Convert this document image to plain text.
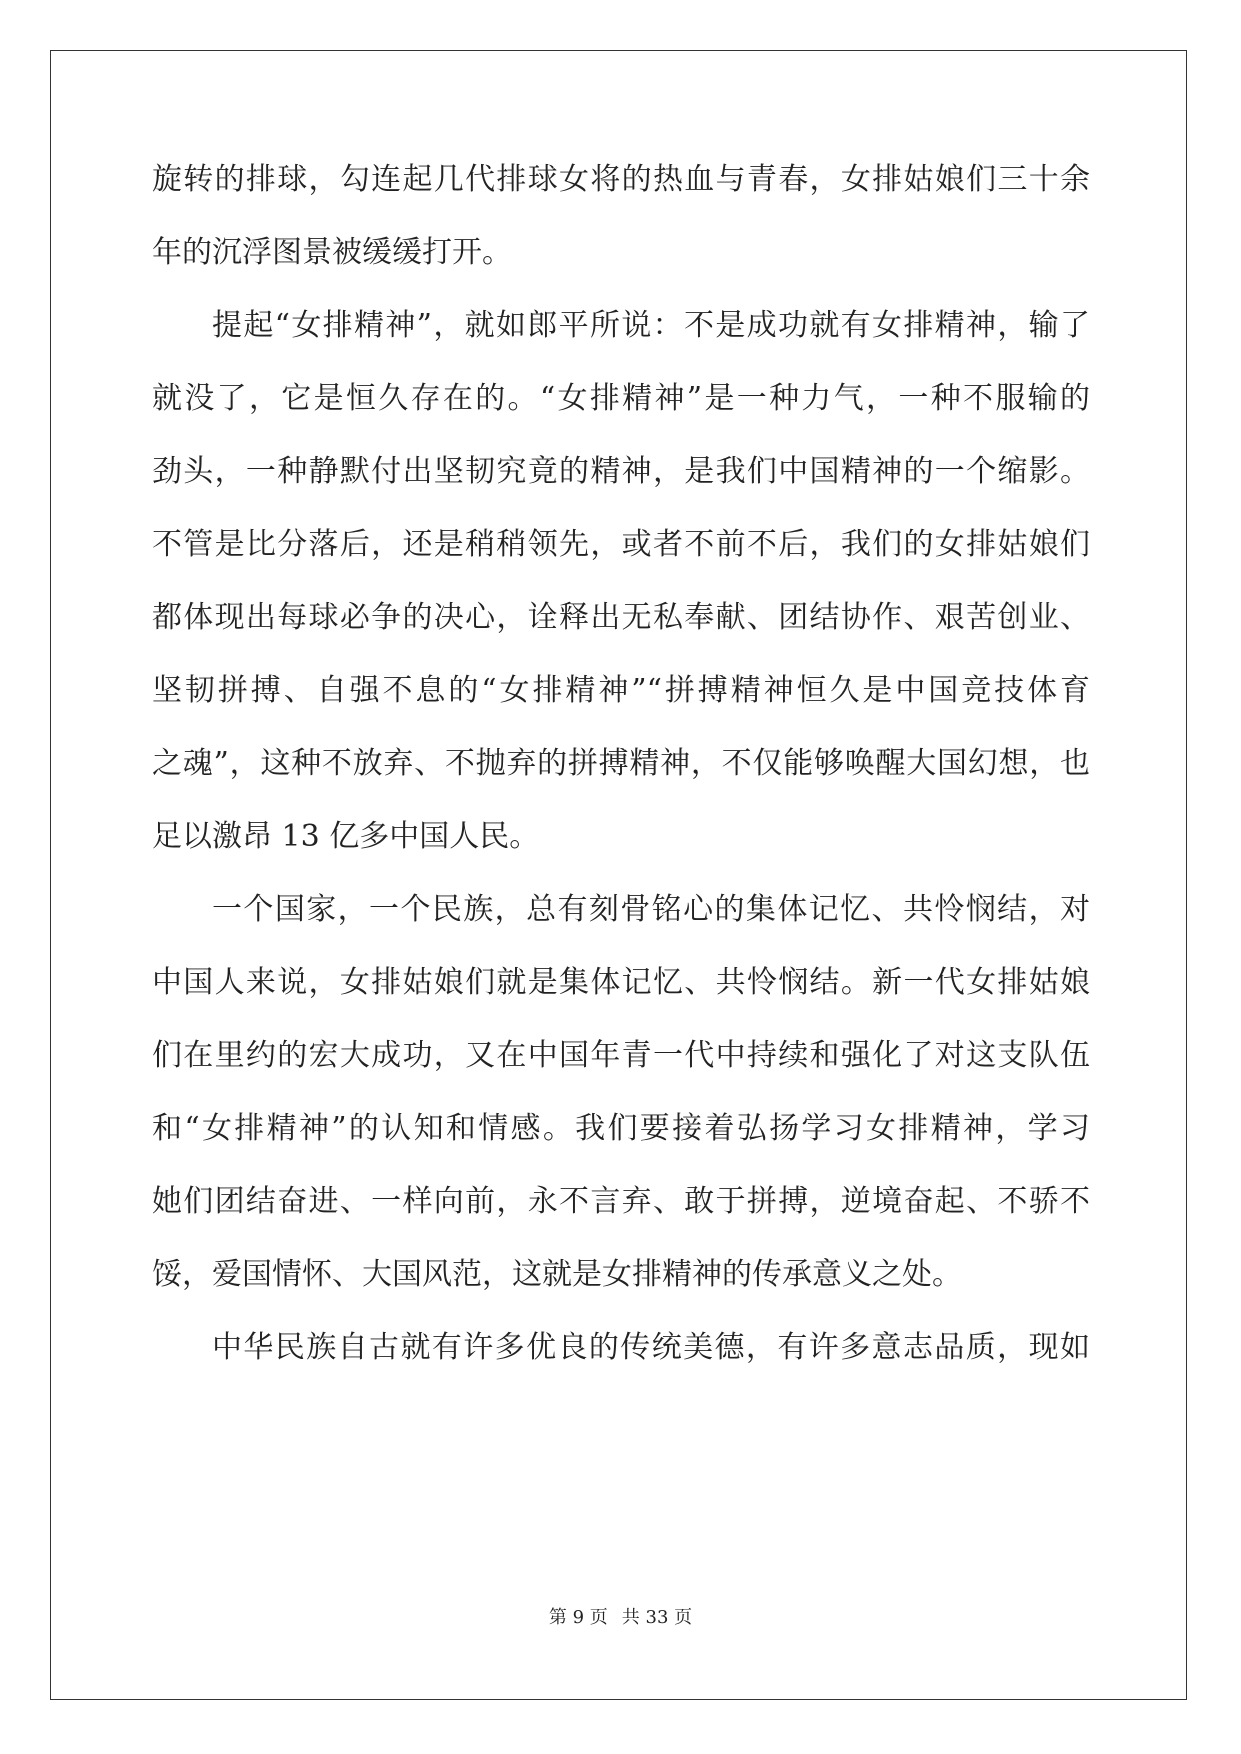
旋转的排球，勾连起几代排球女将的热血与青春，女排姑娘们三十余
年的沉浮图景被缓缓打开。
提起“女排精神”，就如郎平所说：不是成功就有女排精神，输了
就没了，它是恒久存在的。“女排精神”是一种力气，一种不服输的
劲头，一种静默付出坚韧究竟的精神，是我们中国精神的一个缩影。
不管是比分落后，还是稍稍领先，或者不前不后，我们的女排姑娘们
都体现出每球必争的决心，诠释出无私奉献、团结协作、艰苦创业、
坚韧拼搏、自强不息的“女排精神”“拼搏精神恒久是中国竞技体育
之魂”，这种不放弃、不抛弃的拼搏精神，不仅能够唤醒大国幻想，也
足以激昂 13 亿多中国人民。
一个国家，一个民族，总有刻骨铭心的集体记忆、共怜悯结，对
中国人来说，女排姑娘们就是集体记忆、共怜悯结。新一代女排姑娘
们在里约的宏大成功，又在中国年青一代中持续和强化了对这支队伍
和“女排精神”的认知和情感。我们要接着弘扬学习女排精神，学习
她们团结奋进、一样向前，永不言弃、敢于拼搏，逆境奋起、不骄不
馁，爱国情怀、大国风范，这就是女排精神的传承意义之处。
中华民族自古就有许多优良的传统美德，有许多意志品质，现如
第 9 页 共 33 页
